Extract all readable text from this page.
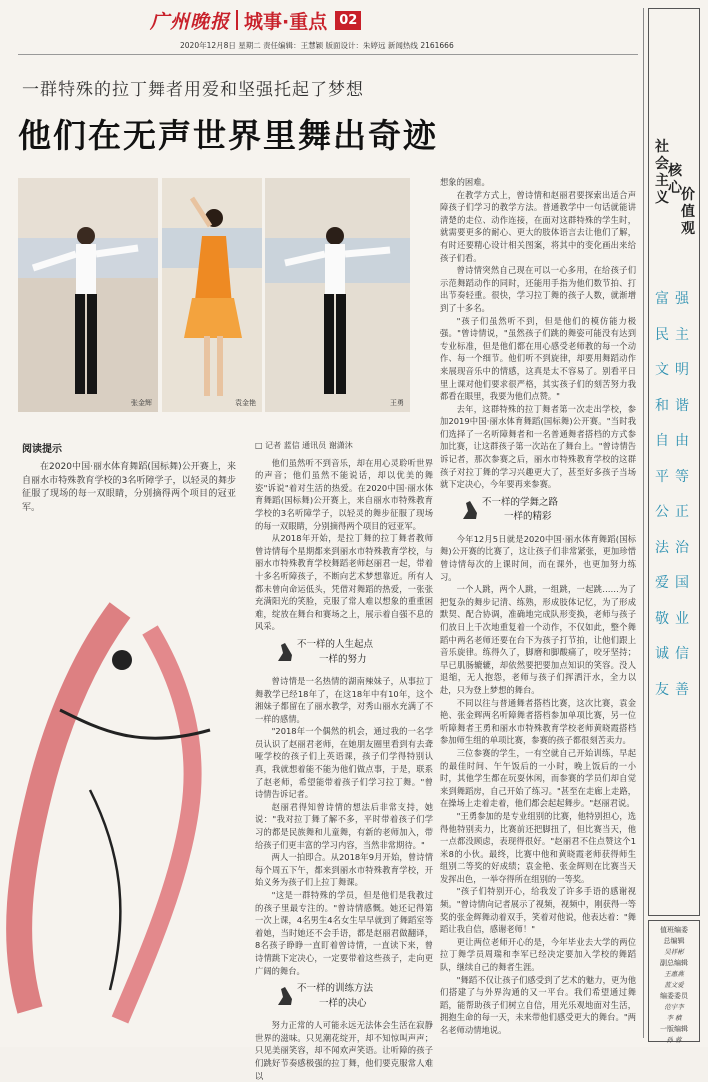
广州晚报 城事·重点 02
2020年12月8日 星期二 责任编辑：王慧颖 版面设计：朱婷远 新闻热线 2161666
一群特殊的拉丁舞者用爱和坚强托起了梦想
他们在无声世界里舞出奇迹
张金辉	袁金艳	王勇
阅读提示
在2020中国·丽水体育舞蹈(国标舞)公开赛上，来自丽水市特殊教育学校的3名听障学子，以轻灵的舞步征服了现场的每一双眼睛，分别摘得两个项目的冠亚军。
□ 记者 蓝信 通讯员 谢潇沐

他们虽然听不到音乐，却在用心灵聆听世界的声音；他们虽然不能说话，却以优美的舞姿"诉说"着对生活的热爱。在2020中国·丽水体育舞蹈(国标舞)公开赛上，来自丽水市特殊教育学校的3名听障学子，以轻灵的舞步征服了现场的每一双眼睛，分别摘得两个项目的冠亚军。

从2018年开始，是拉丁舞的拉丁舞者教师曾诗情每个星期都来到丽水市特殊教育学校，与丽水市特殊教育学校舞蹈老师赵丽君一起，带着十多名听障孩子，不断向艺术梦想靠近。所有人都未曾向命运低头，凭借对舞蹈的热爱，一张张充满阳光的笑脸，克服了常人难以想象的重重困难，绽放在舞台和赛场之上，展示着自强不息的风采。

不一样的人生起点
一样的努力

曾诗情是一名热情的湖南辣妹子，从事拉丁舞教学已经18年了，在这18年中有10年，这个湘妹子都留在了丽水教学，对秀山丽水充满了不一样的感情。

"2018年一个偶然的机会，通过我的一名学员认识了赵丽君老师，在她朋友圈里看到有去聋哑学校的孩子们上英语课，孩子们学得特别认真，我就想着能不能为他们做点事，于是，联系了赵老师，希望能带着孩子们学习拉丁舞。"曾诗情告诉记者。

赵丽君得知曾诗情的想法后非常支持，她说："我对拉丁舞了解不多，平时带着孩子们学习的都是民族舞和儿童舞，有新的老师加入，带给孩子们更丰富的学习内容，当然非常期待。"

两人一拍即合。从2018年9月开始，曾诗情每个周五下午，都来到丽水市特殊教育学校，开始义务为孩子们上拉丁舞课。

"这是一群特殊的学员，但是他们是我教过的孩子里最专注的。"曾诗情感慨。她还记得第一次上课，4名男生4名女生早早就到了舞蹈室等着她，当时她还不会手语，都是赵丽君做翻译，8名孩子睁睁一直盯着曾诗情，一直读下来，曾诗情跳下定决心，一定要带着这些孩子，走向更广阔的舞台。

不一样的训练方法
一样的决心

努力正常的人可能永远无法体会生活在寂静世界的滋味。只见潮花绽开，却不知惊叫声声；只见美丽笑容，却不闻欢声笑语。让听障的孩子们跳好节奏感极强的拉丁舞，他们要克服常人难以

想象的困难。

在教学方式上，曾诗情和赵丽君要探索出适合声障孩子们学习的教学方法。普通教学中一句话就能讲清楚的走位、动作连接，在面对这群特殊的学生时，就需要更多的耐心、更大的肢体语言去让他们了解，有时还要精心设计相关图案，将其中的变化画出来给孩子们看。

曾诗情突然自己现在可以一心多用，在给孩子们示范舞蹈动作的同时，还能用手指为他们数节拍、打出节奏轻重。很快，学习拉丁舞的孩子人数，就渐增到了十多名。

"孩子们虽然听不到，但是他们的模仿能力极强。"曾诗情说，"虽然孩子们跳的舞姿可能没有达到专业标准，但是他们都在用心感受老师教的每一个动作、每一个细节。他们听不到旋律，却要用舞蹈动作来展现音乐中的情感，这真是太不容易了。别看平日里上课对他们要求很严格，其实孩子们的刻苦努力我都看在眼里，我要为他们点赞。"

去年，这群特殊的拉丁舞者第一次走出学校，参加2019中国·丽水体育舞蹈(国标舞)公开赛。"当时我们选择了一名听障舞者和一名普通舞者搭档的方式参加比赛，让这群孩子第一次站在了舞台上。"曾诗情告诉记者，那次参赛之后，丽水市特殊教育学校的这群孩子对拉丁舞的学习兴趣更大了，甚至好多孩子当场就下定决心，今年要再来参赛。

不一样的学舞之路
一样的精彩

今年12月5日就是2020中国·丽水体育舞蹈(国标舞)公开赛的比赛了，这让孩子们非常紧张，更加珍惜曾诗情每次的上课时间，而在课外，也更加努力练习。

一个人跳，两个人跳，一组跳，一起跳……为了把复杂的舞步记清、练熟，形成肢体记忆，为了形成默契、配合协调，准确地完成队形变换，老师与孩子们放日上千次地重复着一个动作，不仅如此，整个舞蹈中两名老师还要在台下为孩子打节拍，让他们跟上音乐旋律。练得久了，脚磨和脚酸痛了，咬牙坚持；早已肌肠辘辘，却依然要把要加点知识的笑容。没人退缩，无人抱怨，老师与孩子们挥洒汗水，全力以赴，只为登上梦想的舞台。

不同以往与普通舞者搭档比赛，这次比赛，袁金艳、张金辉两名听障舞者搭档参加单项比赛，另一位听障舞者王勇和丽水市特殊教育学校老师黄晓霞搭档参加师生组的单项比赛，参赛的孩子都很刻苦卖力。

三位参赛的学生，一有空就自己开始训练，早起的最佳时间、午午饭后的一小时，晚上饭后的一小时，其他学生都在玩耍休闲，而参赛的学员们却自觉来到舞蹈房，自己开始了练习。"甚至在走廊上走路，在操场上走着走着，他们都会起起舞步。"赵丽君说。

"王勇参加的是专业组别的比赛，他特别担心，选得他特别卖力，比赛前还把脚扭了，但比赛当天，他一点都没顾虑，表现得很好。"赵丽君不住点赞这个1米8的小伙。最终，比赛中他和黄晓霞老师获得师生组别二等奖的好成绩；袁金艳、张金辉则在比赛当天发挥出色，一举夺得所在组别的一等奖。

"孩子们特别开心，给我发了许多手语的感谢视频。"曾诗情向记者展示了视频，视频中，刚获得一等奖的张金辉舞动着双手，笑着对他说，他表达着："舞蹈让我自信，感谢老师！"

更让两位老师开心的是，今年毕业去大学的两位拉丁舞学员周瑞和李军已经决定要加入学校的舞蹈队，继续自己的舞者生涯。

"舞蹈不仅让孩子们感受到了艺术的魅力，更为他们搭建了与外界沟通的又一平台。我们希望通过舞蹈，能帮助孩子们树立自信，用光乐观地面对生活，拥抱生命的每一天，未来带他们感受更大的舞台。"两名老师动情地说。

社会主义
核心 价值观
富强
民主
文明
和谐
自由
平等
公正
法治
爱国
敬业
诚信
友善
值班编委
总编辑
吴祥彬
副总编辑
王惠燕
蓝文爱
编委委员
范宇李
李 稹
一版编辑
孙 蓉
